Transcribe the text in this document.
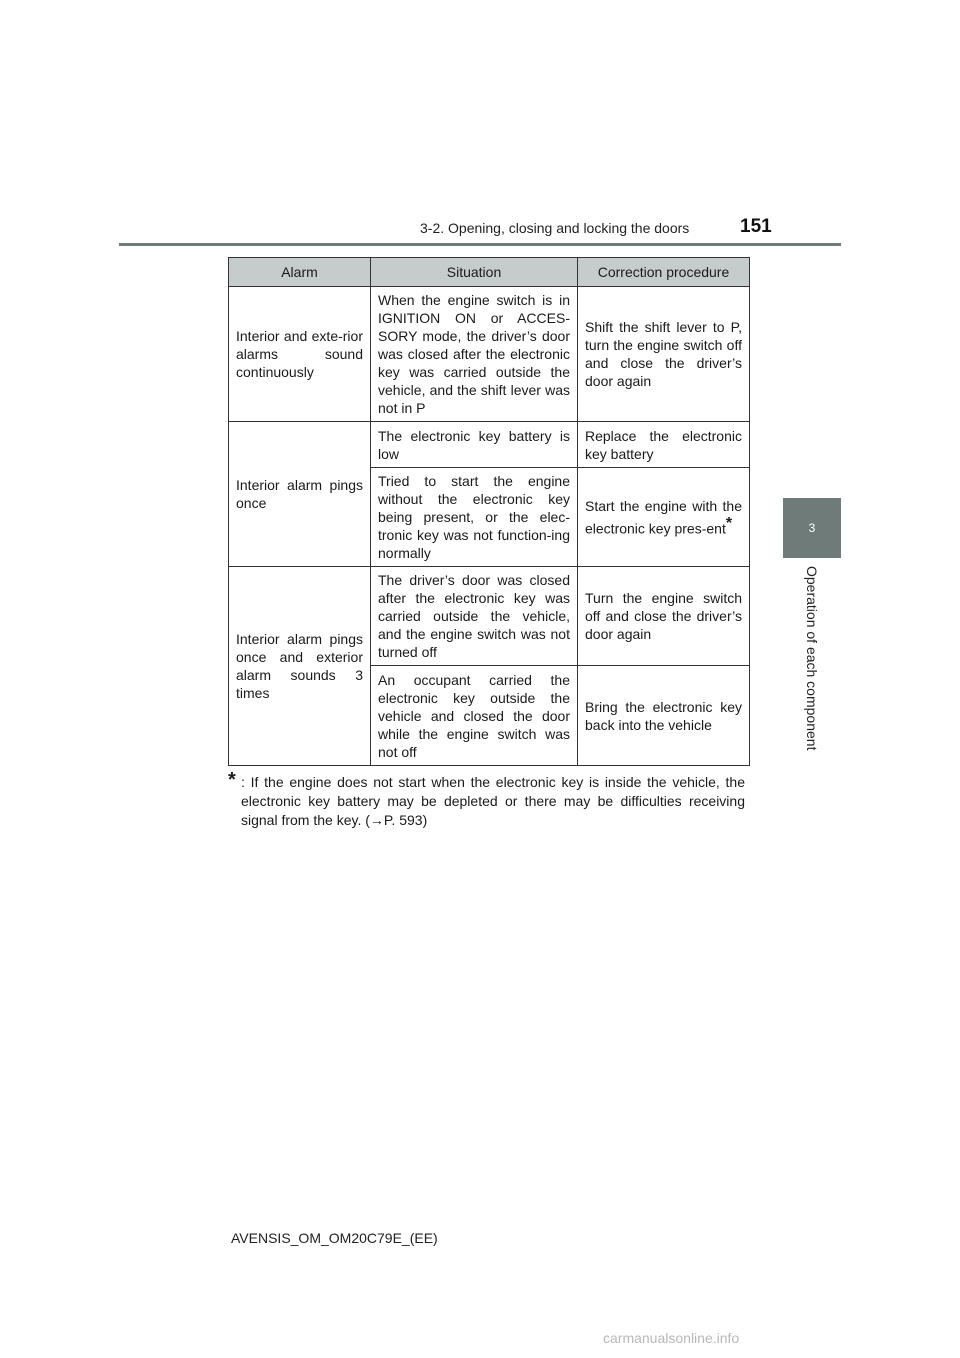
3-2. Opening, closing and locking the doors	151
3
Operation of each component
Alarm	Situation	Correction procedure
Interior and exte-rior alarms sound continuously	When the engine switch is in IGNITION ON or ACCES-SORY mode, the driver’s door was closed after the electronic key was carried outside the vehicle, and the shift lever was not in P	Shift the shift lever to P, turn the engine switch off and close the driver’s door again
Interior alarm pings once	The electronic key battery is low	Replace the electronic key battery
	Tried to start the engine without the electronic key being present, or the elec-tronic key was not function-ing normally	Start the engine with the electronic key pres-ent*
Interior alarm pings once and exterior alarm sounds 3 times	The driver’s door was closed after the electronic key was carried outside the vehicle, and the engine switch was not turned off	Turn the engine switch off and close the driver’s door again
	An occupant carried the electronic key outside the vehicle and closed the door while the engine switch was not off	Bring the electronic key back into the vehicle
* : If the engine does not start when the electronic key is inside the vehicle, the electronic key battery may be depleted or there may be difficulties receiving signal from the key. (→P. 593)
AVENSIS_OM_OM20C79E_(EE)
carmanualsonline.info
